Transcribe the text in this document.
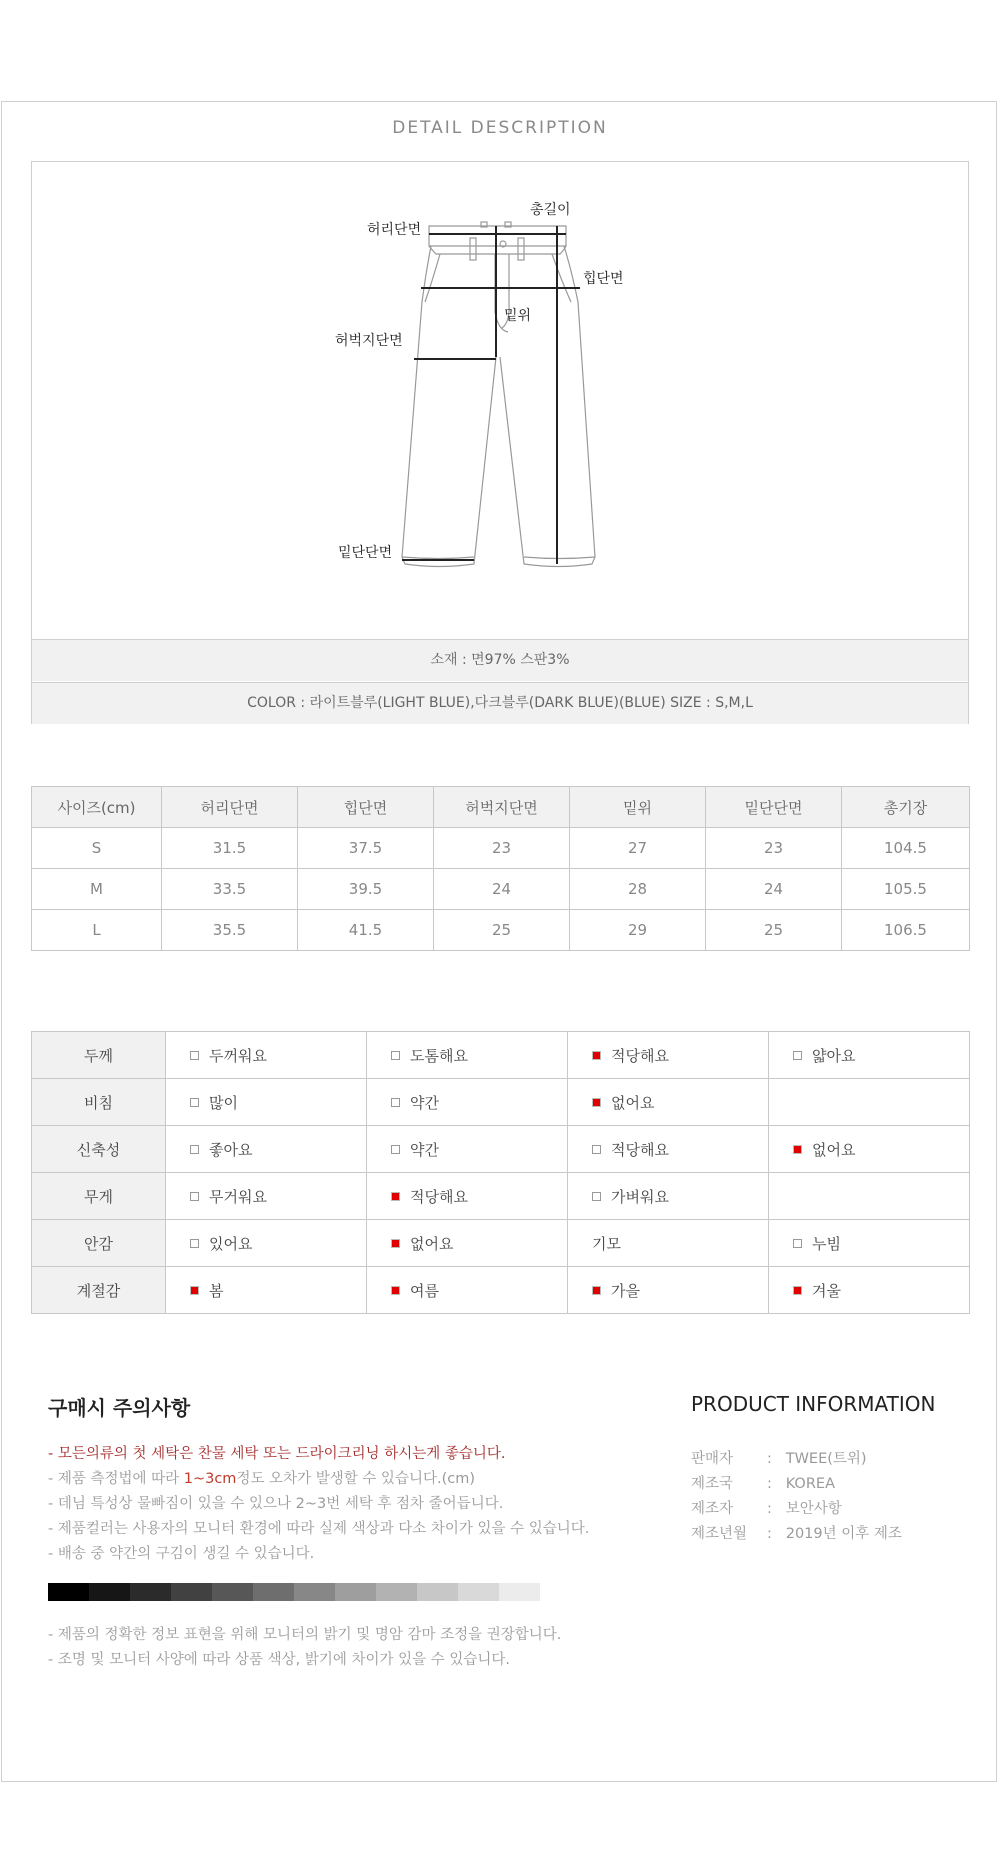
DETAIL DESCRIPTION
허리단면
총길이
힙단면
밑위
허벅지단면
밑단단면
소재 : 면97% 스판3%
COLOR : 라이트블루(LIGHT BLUE),다크블루(DARK BLUE)(BLUE) SIZE : S,M,L
사이즈(cm)	허리단면	힙단면	허벅지단면	밑위	밑단단면	총기장
S	31.5	37.5	23	27	23	104.5
M	33.5	39.5	24	28	24	105.5
L	35.5	41.5	25	29	25	106.5
두께	두꺼워요	도톰해요	적당해요	얇아요
비침	많이	약간	없어요	
신축성	좋아요	약간	적당해요	없어요
무게	무거워요	적당해요	가벼워요	
안감	있어요	없어요	기모	누빔
계절감	봄	여름	가을	겨울
구매시 주의사항
- 모든의류의 첫 세탁은 찬물 세탁 또는 드라이크리닝 하시는게 좋습니다.
- 제품 측정법에 따라 1~3cm정도 오차가 발생할 수 있습니다.(cm)
- 데님 특성상 물빠짐이 있을 수 있으나 2~3번 세탁 후 점차 줄어듭니다.
- 제품컬러는 사용자의 모니터 환경에 따라 실제 색상과 다소 차이가 있을 수 있습니다.
- 배송 중 약간의 구김이 생길 수 있습니다.
- 제품의 정확한 정보 표현을 위해 모니터의 밝기 및 명암 감마 조정을 권장합니다.
- 조명 및 모니터 사양에 따라 상품 색상, 밝기에 차이가 있을 수 있습니다.
PRODUCT INFORMATION
판매자 :   TWEE(트위)
제조국 :   KOREA
제조자 :   보안사항
제조년월 :   2019년 이후 제조
